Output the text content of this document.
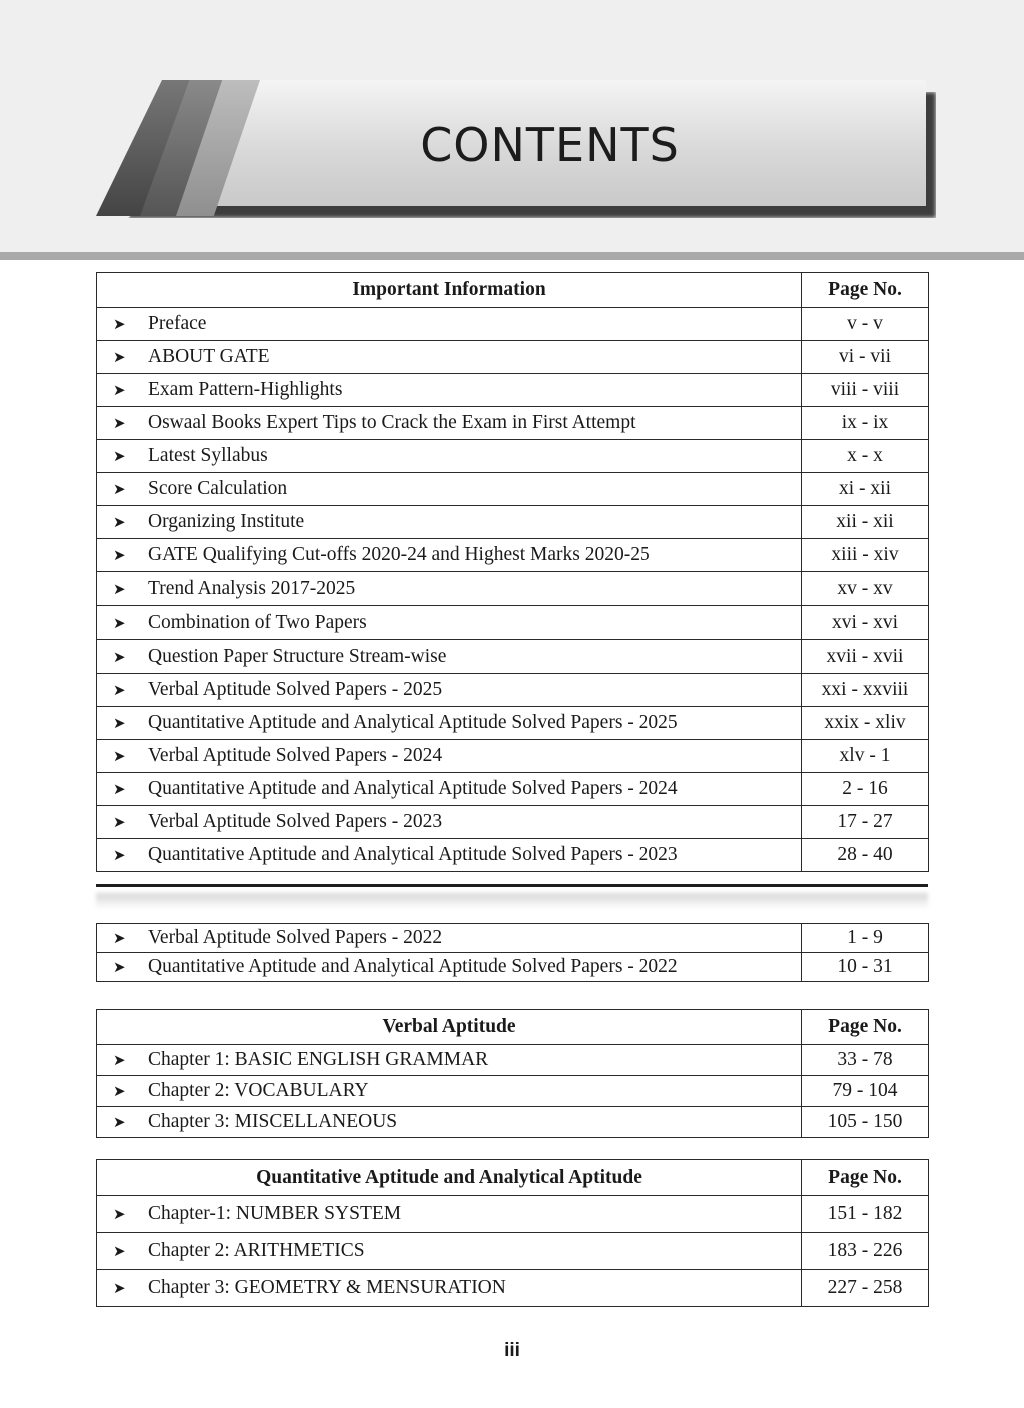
CONTENTS
Important Information	Page No.

➤ Preface	v - v

➤ ABOUT GATE	vi - vii

➤ Exam Pattern-Highlights	viii - viii

➤ Oswaal Books Expert Tips to Crack the Exam in First Attempt	ix - ix

➤ Latest Syllabus	x - x

➤ Score Calculation	xi - xii

➤ Organizing Institute	xii - xii

➤ GATE Qualifying Cut-offs 2020-24 and Highest Marks 2020-25	xiii - xiv

➤ Trend Analysis 2017-2025	xv - xv

➤ Combination of Two Papers	xvi - xvi

➤ Question Paper Structure Stream-wise	xvii - xvii

➤ Verbal Aptitude Solved Papers - 2025	xxi - xxviii

➤ Quantitative Aptitude and Analytical Aptitude Solved Papers - 2025	xxix - xliv

➤ Verbal Aptitude Solved Papers - 2024	xlv - 1

➤ Quantitative Aptitude and Analytical Aptitude Solved Papers - 2024	2 - 16

➤ Verbal Aptitude Solved Papers - 2023	17 - 27

➤ Quantitative Aptitude and Analytical Aptitude Solved Papers - 2023	28 - 40
➤ Verbal Aptitude Solved Papers - 2022	1 - 9

➤ Quantitative Aptitude and Analytical Aptitude Solved Papers - 2022	10 - 31
Verbal Aptitude	Page No.

➤ Chapter 1: BASIC ENGLISH GRAMMAR	33 - 78

➤ Chapter 2: VOCABULARY	79 - 104

➤ Chapter 3: MISCELLANEOUS	105 - 150
Quantitative Aptitude and Analytical Aptitude	Page No.

➤ Chapter-1: NUMBER SYSTEM	151 - 182

➤ Chapter 2: ARITHMETICS	183 - 226

➤ Chapter 3: GEOMETRY & MENSURATION	227 - 258
iii
